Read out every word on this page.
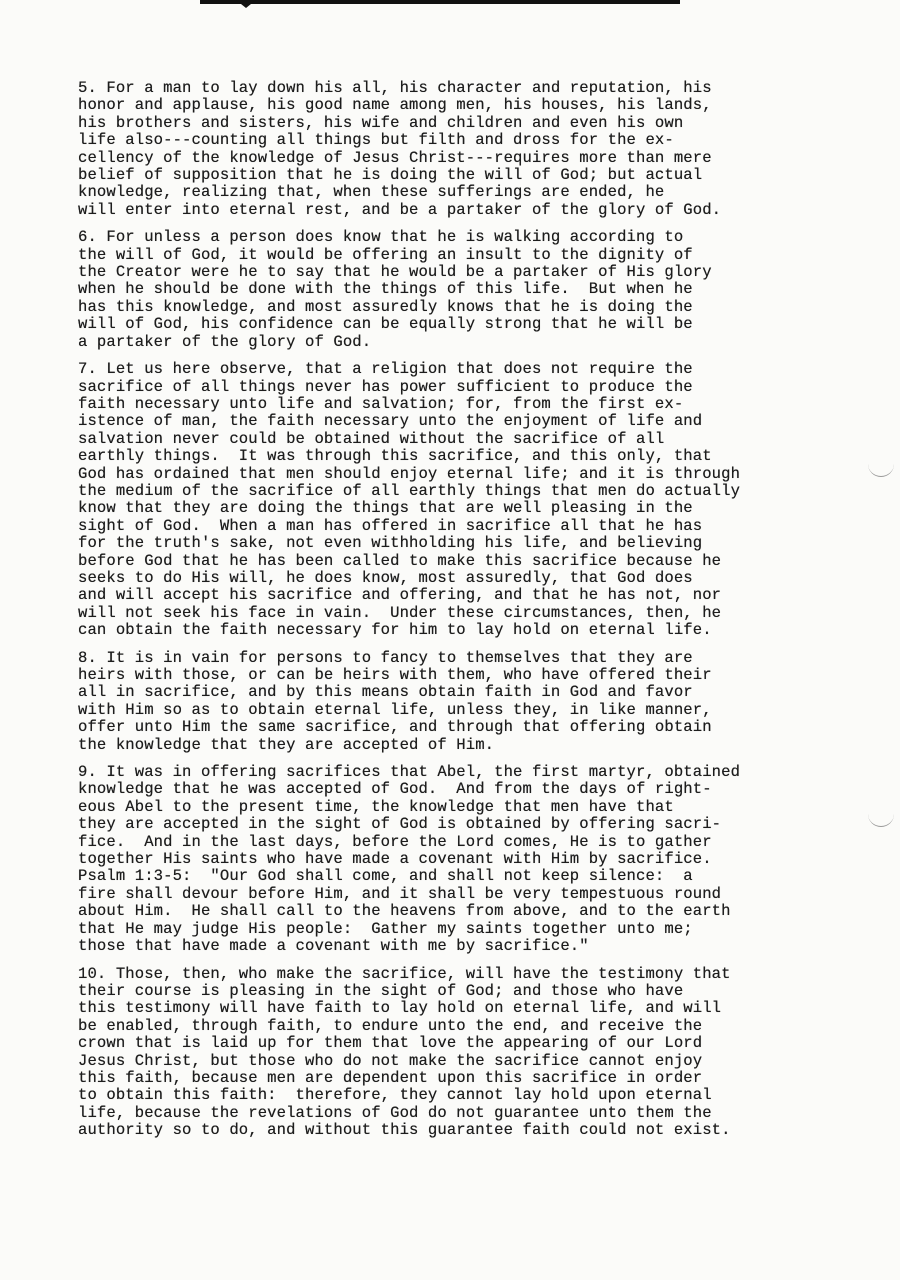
5. For a man to lay down his all, his character and reputation, his
honor and applause, his good name among men, his houses, his lands,
his brothers and sisters, his wife and children and even his own
life also---counting all things but filth and dross for the ex-
cellency of the knowledge of Jesus Christ---requires more than mere
belief of supposition that he is doing the will of God; but actual
knowledge, realizing that, when these sufferings are ended, he
will enter into eternal rest, and be a partaker of the glory of God.

6. For unless a person does know that he is walking according to
the will of God, it would be offering an insult to the dignity of
the Creator were he to say that he would be a partaker of His glory
when he should be done with the things of this life.  But when he
has this knowledge, and most assuredly knows that he is doing the
will of God, his confidence can be equally strong that he will be
a partaker of the glory of God.

7. Let us here observe, that a religion that does not require the
sacrifice of all things never has power sufficient to produce the
faith necessary unto life and salvation; for, from the first ex-
istence of man, the faith necessary unto the enjoyment of life and
salvation never could be obtained without the sacrifice of all
earthly things.  It was through this sacrifice, and this only, that
God has ordained that men should enjoy eternal life; and it is through
the medium of the sacrifice of all earthly things that men do actually
know that they are doing the things that are well pleasing in the
sight of God.  When a man has offered in sacrifice all that he has
for the truth's sake, not even withholding his life, and believing
before God that he has been called to make this sacrifice because he
seeks to do His will, he does know, most assuredly, that God does
and will accept his sacrifice and offering, and that he has not, nor
will not seek his face in vain.  Under these circumstances, then, he
can obtain the faith necessary for him to lay hold on eternal life.

8. It is in vain for persons to fancy to themselves that they are
heirs with those, or can be heirs with them, who have offered their
all in sacrifice, and by this means obtain faith in God and favor
with Him so as to obtain eternal life, unless they, in like manner,
offer unto Him the same sacrifice, and through that offering obtain
the knowledge that they are accepted of Him.

9. It was in offering sacrifices that Abel, the first martyr, obtained
knowledge that he was accepted of God.  And from the days of right-
eous Abel to the present time, the knowledge that men have that
they are accepted in the sight of God is obtained by offering sacri-
fice.  And in the last days, before the Lord comes, He is to gather
together His saints who have made a covenant with Him by sacrifice.
Psalm 1:3-5:  "Our God shall come, and shall not keep silence:  a
fire shall devour before Him, and it shall be very tempestuous round
about Him.  He shall call to the heavens from above, and to the earth
that He may judge His people:  Gather my saints together unto me;
those that have made a covenant with me by sacrifice."

10. Those, then, who make the sacrifice, will have the testimony that
their course is pleasing in the sight of God; and those who have
this testimony will have faith to lay hold on eternal life, and will
be enabled, through faith, to endure unto the end, and receive the
crown that is laid up for them that love the appearing of our Lord
Jesus Christ, but those who do not make the sacrifice cannot enjoy
this faith, because men are dependent upon this sacrifice in order
to obtain this faith:  therefore, they cannot lay hold upon eternal
life, because the revelations of God do not guarantee unto them the
authority so to do, and without this guarantee faith could not exist.
